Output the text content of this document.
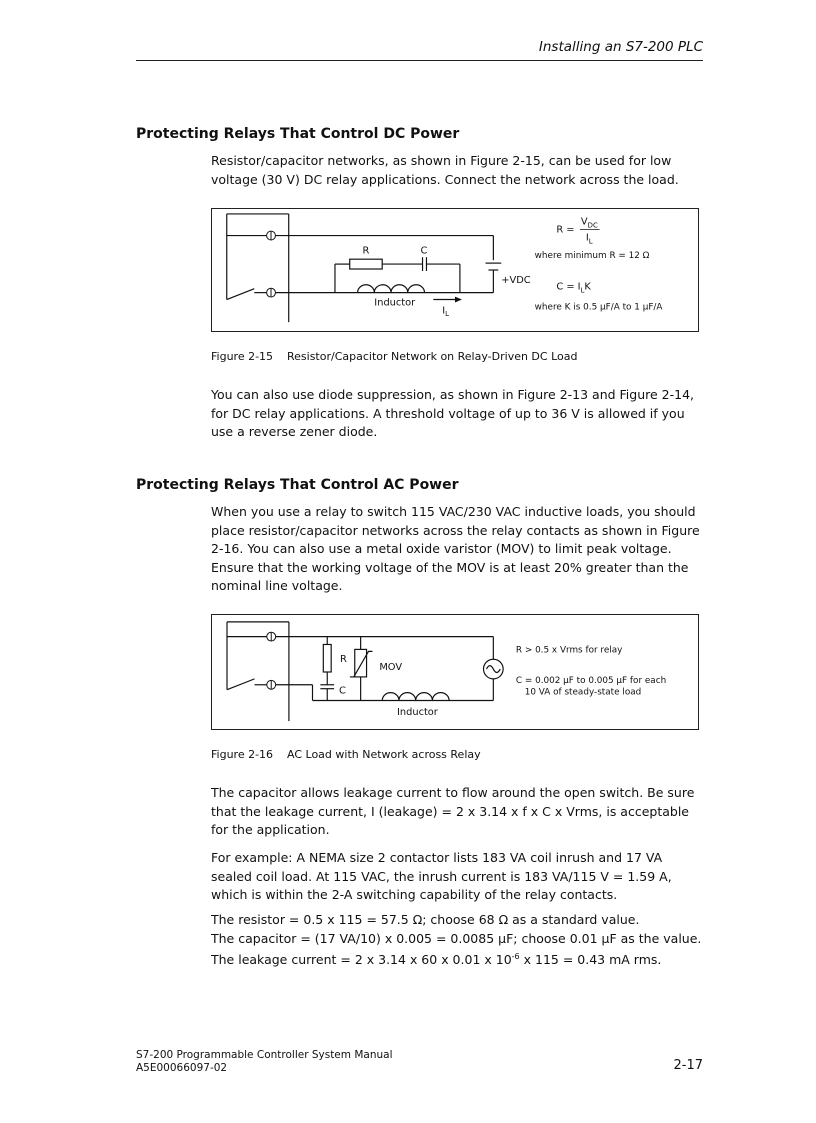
Installing an S7-200 PLC
Protecting Relays That Control DC Power

Resistor/capacitor networks, as shown in Figure 2-15, can be used for low voltage (30 V) DC relay applications. Connect the network across the load.

R	C
Inductor
$I_L$
+VDC
R =
$V_{DC}$
$I_L$
where minimum R = 12 Ω
$C = I_LK$
where K is 0.5 µF/A to 1 µF/A
Figure 2-15 Resistor/Capacitor Network on Relay-Driven DC Load

You can also use diode suppression, as shown in Figure 2-13 and Figure 2-14, for DC relay applications. A threshold voltage of up to 36 V is allowed if you use a reverse zener diode.

Protecting Relays That Control AC Power

When you use a relay to switch 115 VAC/230 VAC inductive loads, you should place resistor/capacitor networks across the relay contacts as shown in Figure 2-16. You can also use a metal oxide varistor (MOV) to limit peak voltage. Ensure that the working voltage of the MOV is at least 20% greater than the nominal line voltage.

R
C
MOV
Inductor
R > 0.5 x Vrms for relay
C = 0.002 µF to 0.005 µF for each
10 VA of steady-state load
Figure 2-16 AC Load with Network across Relay

The capacitor allows leakage current to flow around the open switch. Be sure that the leakage current, I (leakage) = 2 x 3.14 x f x C x Vrms, is acceptable for the application.

For example: A NEMA size 2 contactor lists 183 VA coil inrush and 17 VA sealed coil load. At 115 VAC, the inrush current is 183 VA/115 V = 1.59 A, which is within the 2-A switching capability of the relay contacts.

The resistor = 0.5 x 115 = 57.5 Ω; choose 68 Ω as a standard value.
The capacitor = (17 VA/10) x 0.005 = 0.0085 µF; choose 0.01 µF as the value.
The leakage current = 2 x 3.14 x 60 x 0.01 x $10^{-6}$ x 115 = 0.43 mA rms.
S7-200 Programmable Controller System Manual
A5E00066097-02	2-17
